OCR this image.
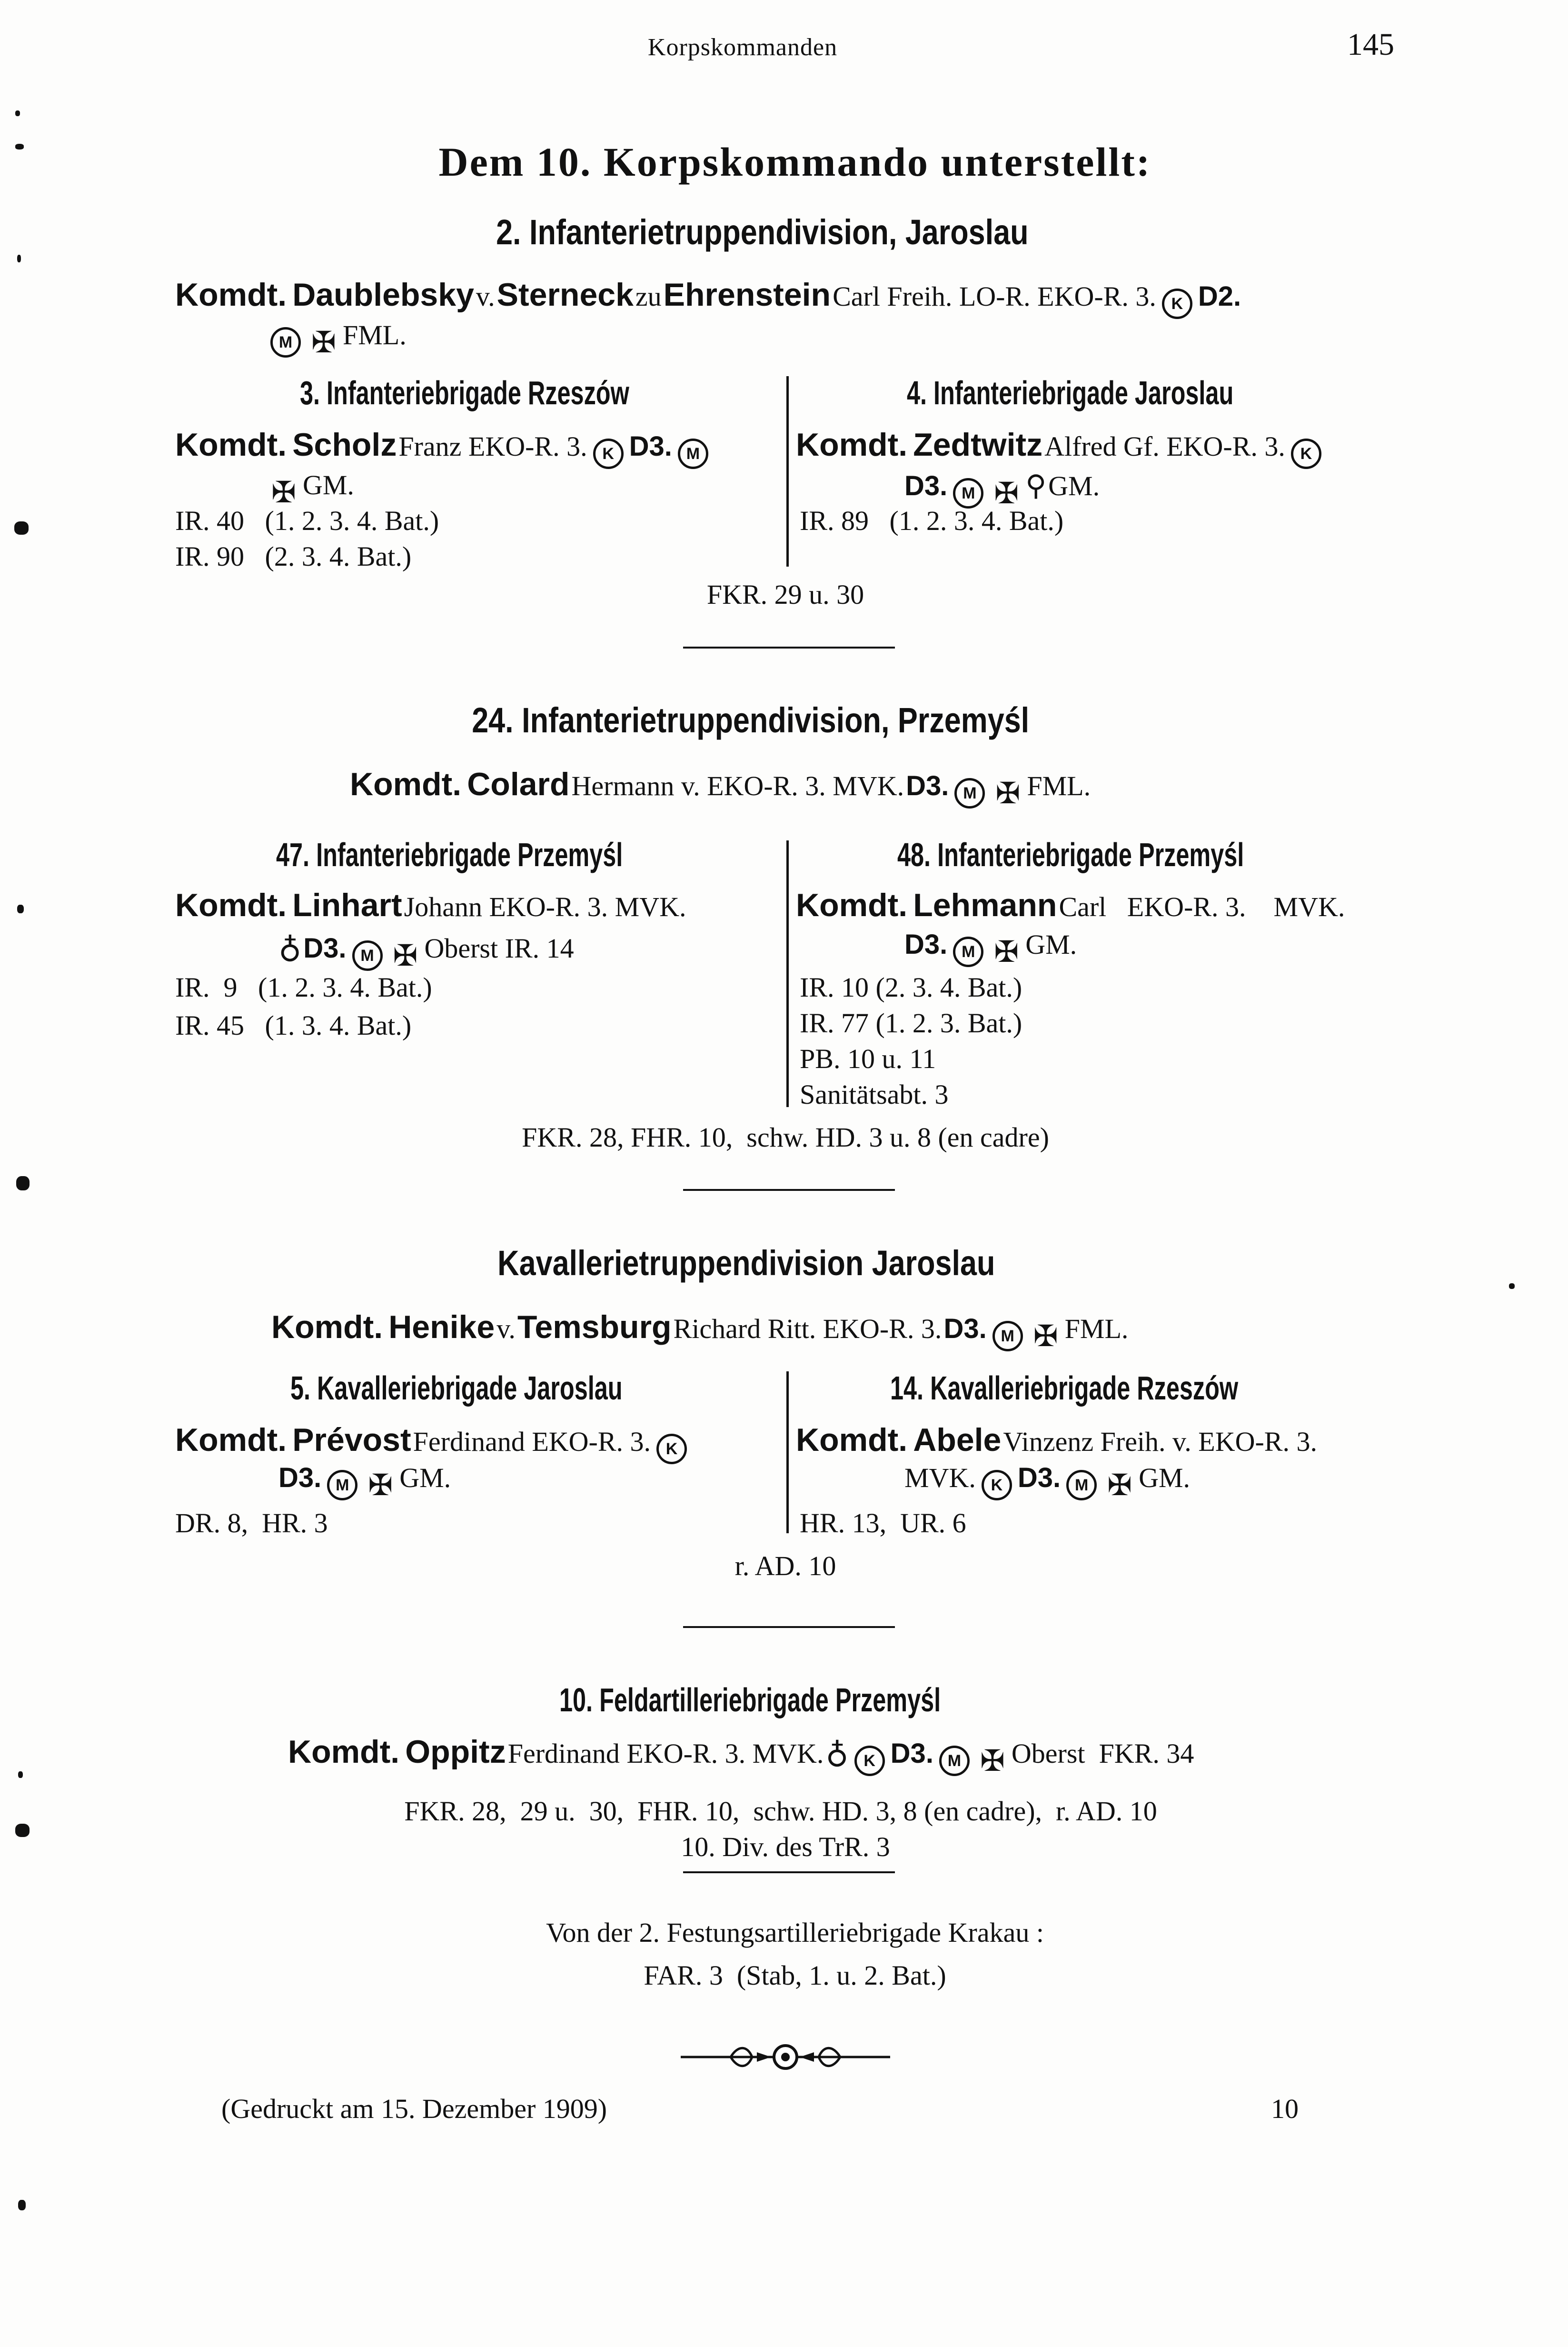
Korpskommanden	145
Dem 10. Korpskommando unterstellt:
2. Infanterietruppendivision, Jaroslau
Komdt. Daublebsky v. Sterneck zu Ehrenstein Carl Freih. LO-R. EKO-R. 3. K D2.
M ✠ FML.
3. Infanteriebrigade Rzeszów
Komdt. Scholz Franz EKO-R. 3. K D3. M
✠ GM.
IR. 40   (1. 2. 3. 4. Bat.)
IR. 90   (2. 3. 4. Bat.)
4. Infanteriebrigade Jaroslau
Komdt. Zedtwitz Alfred Gf. EKO-R. 3. K
D3. M ✠ ⚲ GM.
IR. 89   (1. 2. 3. 4. Bat.)
FKR. 29 u. 30
24. Infanterietruppendivision, Przemyśl
Komdt. Colard Hermann v. EKO-R. 3. MVK. D3. M ✠ FML.
47. Infanteriebrigade Przemyśl
Komdt. Linhart Johann EKO-R. 3. MVK.
♁ D3. M ✠ Oberst IR. 14
IR.  9   (1. 2. 3. 4. Bat.)
IR. 45   (1. 3. 4. Bat.)
48. Infanteriebrigade Przemyśl
Komdt. Lehmann Carl   EKO-R. 3.    MVK.
D3. M ✠ GM.
IR. 10 (2. 3. 4. Bat.)
IR. 77 (1. 2. 3. Bat.)
PB. 10 u. 11
Sanitätsabt. 3
FKR. 28, FHR. 10,  schw. HD. 3 u. 8 (en cadre)
Kavallerietruppendivision Jaroslau
Komdt. Henike v. Temsburg Richard Ritt. EKO-R. 3. D3. M ✠ FML.
5. Kavalleriebrigade Jaroslau
Komdt. Prévost Ferdinand EKO-R. 3. K
D3. M ✠ GM.
DR. 8,  HR. 3
14. Kavalleriebrigade Rzeszów
Komdt. Abele Vinzenz Freih. v. EKO-R. 3.
MVK. K D3. M ✠ GM.
HR. 13,  UR. 6
r. AD. 10
10. Feldartilleriebrigade Przemyśl
Komdt. Oppitz Ferdinand EKO-R. 3. MVK. ♁ K D3. M ✠ Oberst  FKR. 34
FKR. 28,  29 u.  30,  FHR. 10,  schw. HD. 3, 8 (en cadre),  r. AD. 10
10. Div. des TrR. 3
Von der 2. Festungsartilleriebrigade Krakau :
FAR. 3  (Stab, 1. u. 2. Bat.)
(Gedruckt am 15. Dezember 1909)	10
